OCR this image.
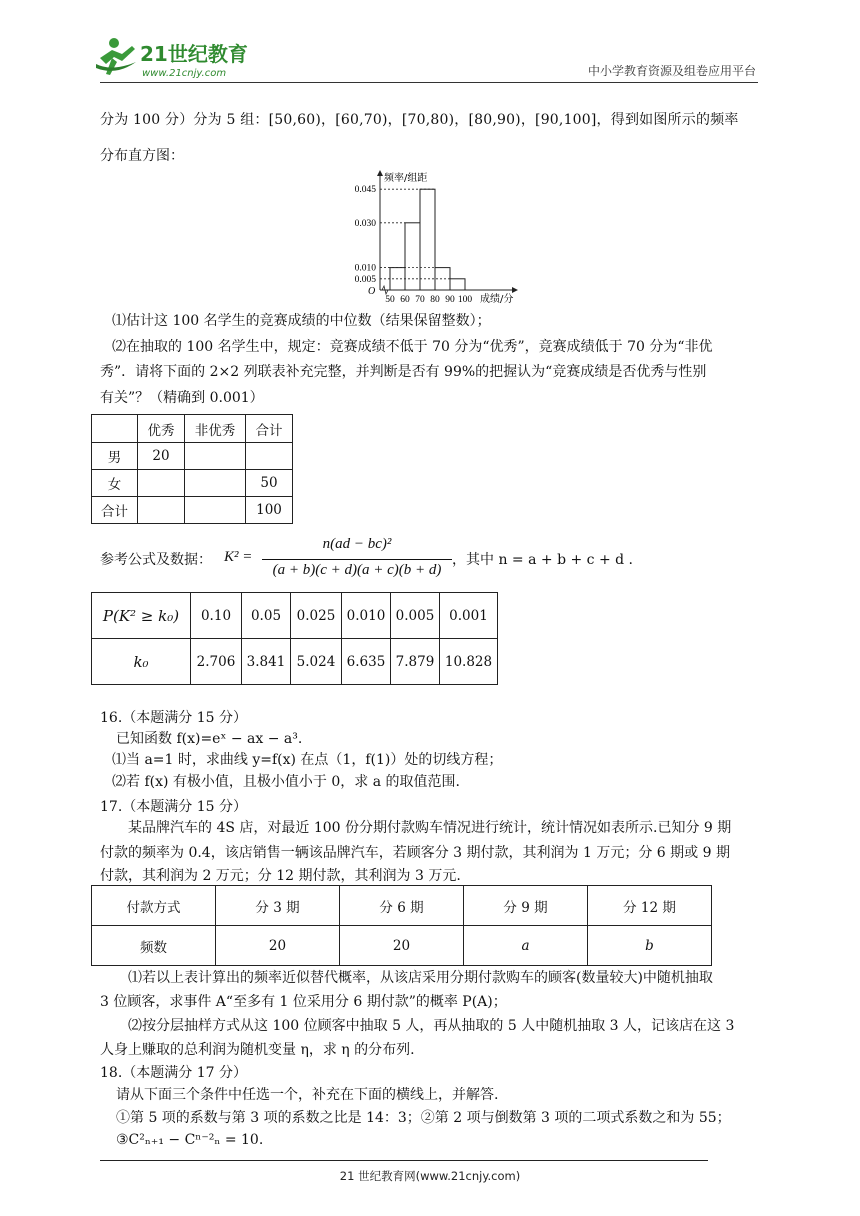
21世纪教育
www.21cnjy.com	中小学教育资源及组卷应用平台
分为 100 分）分为 5 组：[50,60)，[60,70)，[70,80)，[80,90)，[90,100]，得到如图所示的频率
分布直方图：
频率/组距
成绩/分
O
0.045
0.030
0.010
0.005
50 60 70 80 90 100
⑴估计这 100 名学生的竞赛成绩的中位数（结果保留整数）；
⑵在抽取的 100 名学生中，规定：竞赛成绩不低于 70 分为“优秀”，竞赛成绩低于 70 分为“非优
秀”．请将下面的 2×2 列联表补充完整，并判断是否有 99%的把握认为“竞赛成绩是否优秀与性别
有关”？（精确到 0.001）
	优秀	非优秀	合计
男	20		
女			50
合计			100
参考公式及数据： K² =
n(ad − bc)²
(a + b)(c + d)(a + c)(b + d)
，其中 n = a + b + c + d .
P(K² ≥ k₀)	0.10	0.05	0.025	0.010	0.005	0.001
k₀	2.706	3.841	5.024	6.635	7.879	10.828
16.（本题满分 15 分）
已知函数 f(x)=eˣ − ax − a³.
⑴当 a=1 时，求曲线 y=f(x) 在点（1，f(1)）处的切线方程；
⑵若 f(x) 有极小值，且极小值小于 0，求 a 的取值范围.
17.（本题满分 15 分）
某品牌汽车的 4S 店，对最近 100 份分期付款购车情况进行统计，统计情况如表所示.已知分 9 期
付款的频率为 0.4，该店销售一辆该品牌汽车，若顾客分 3 期付款，其利润为 1 万元；分 6 期或 9 期
付款，其利润为 2 万元；分 12 期付款，其利润为 3 万元.
付款方式	分 3 期	分 6 期	分 9 期	分 12 期
频数	20	20	a	b
⑴若以上表计算出的频率近似替代概率，从该店采用分期付款购车的顾客(数量较大)中随机抽取
3 位顾客，求事件 A“至多有 1 位采用分 6 期付款”的概率 P(A)；
⑵按分层抽样方式从这 100 位顾客中抽取 5 人，再从抽取的 5 人中随机抽取 3 人，记该店在这 3
人身上赚取的总利润为随机变量 η，求 η 的分布列.
18.（本题满分 17 分）
请从下面三个条件中任选一个，补充在下面的横线上，并解答.
①第 5 项的系数与第 3 项的系数之比是 14：3；②第 2 项与倒数第 3 项的二项式系数之和为 55；
③C²ₙ₊₁ − Cⁿ⁻²ₙ = 10.
21 世纪教育网(www.21cnjy.com)
